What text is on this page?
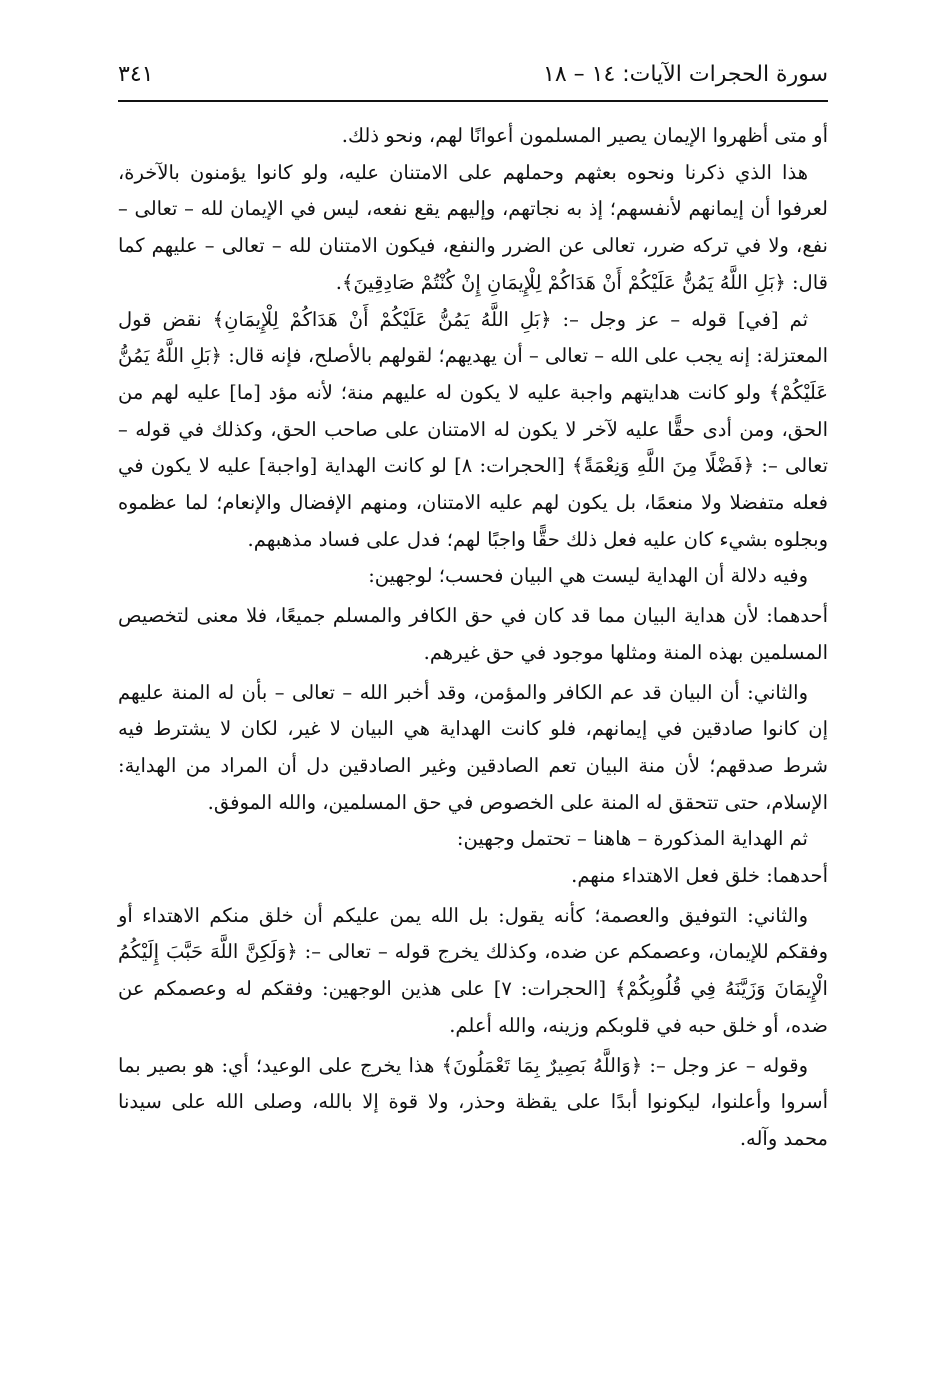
سورة الحجرات الآيات: ١٤ – ١٨
٣٤١

أو متى أظهروا الإيمان يصير المسلمون أعوانًا لهم، ونحو ذلك.

هذا الذي ذكرنا ونحوه بعثهم وحملهم على الامتنان عليه، ولو كانوا يؤمنون بالآخرة، لعرفوا أن إيمانهم لأنفسهم؛ إذ به نجاتهم، وإليهم يقع نفعه، ليس في الإيمان لله – تعالى – نفع، ولا في تركه ضرر، تعالى عن الضرر والنفع، فيكون الامتنان لله – تعالى – عليهم كما قال: ﴿بَلِ اللَّهُ يَمُنُّ عَلَيْكُمْ أَنْ هَدَاكُمْ لِلْإِيمَانِ إِنْ كُنْتُمْ صَادِقِينَ﴾.

ثم [في] قوله – عز وجل –: ﴿بَلِ اللَّهُ يَمُنُّ عَلَيْكُمْ أَنْ هَدَاكُمْ لِلْإِيمَانِ﴾ نقض قول المعتزلة: إنه يجب على الله – تعالى – أن يهديهم؛ لقولهم بالأصلح، فإنه قال: ﴿بَلِ اللَّهُ يَمُنُّ عَلَيْكُمْ﴾ ولو كانت هدايتهم واجبة عليه لا يكون له عليهم منة؛ لأنه مؤد [ما] عليه لهم من الحق، ومن أدى حقًّا عليه لآخر لا يكون له الامتنان على صاحب الحق، وكذلك في قوله – تعالى –: ﴿فَضْلًا مِنَ اللَّهِ وَنِعْمَةً﴾ [الحجرات: ٨] لو كانت الهداية [واجبة] عليه لا يكون في فعله متفضلا ولا منعمًا، بل يكون لهم عليه الامتنان، ومنهم الإفضال والإنعام؛ لما عظموه وبجلوه بشيء كان عليه فعل ذلك حقًّا واجبًا لهم؛ فدل على فساد مذهبهم.

وفيه دلالة أن الهداية ليست هي البيان فحسب؛ لوجهين:

أحدهما: لأن هداية البيان مما قد كان في حق الكافر والمسلم جميعًا، فلا معنى لتخصيص المسلمين بهذه المنة ومثلها موجود في حق غيرهم.

والثاني: أن البيان قد عم الكافر والمؤمن، وقد أخبر الله – تعالى – بأن له المنة عليهم إن كانوا صادقين في إيمانهم، فلو كانت الهداية هي البيان لا غير، لكان لا يشترط فيه شرط صدقهم؛ لأن منة البيان تعم الصادقين وغير الصادقين دل أن المراد من الهداية: الإسلام، حتى تتحقق له المنة على الخصوص في حق المسلمين، والله الموفق.

ثم الهداية المذكورة – هاهنا – تحتمل وجهين:

أحدهما: خلق فعل الاهتداء منهم.

والثاني: التوفيق والعصمة؛ كأنه يقول: بل الله يمن عليكم أن خلق منكم الاهتداء أو وفقكم للإيمان، وعصمكم عن ضده، وكذلك يخرج قوله – تعالى –: ﴿وَلَكِنَّ اللَّهَ حَبَّبَ إِلَيْكُمُ الْإِيمَانَ وَزَيَّنَهُ فِي قُلُوبِكُمْ﴾ [الحجرات: ٧] على هذين الوجهين: وفقكم له وعصمكم عن ضده، أو خلق حبه في قلوبكم وزينه، والله أعلم.

وقوله – عز وجل –: ﴿وَاللَّهُ بَصِيرٌ بِمَا تَعْمَلُونَ﴾ هذا يخرج على الوعيد؛ أي: هو بصير بما أسروا وأعلنوا، ليكونوا أبدًا على يقظة وحذر، ولا قوة إلا بالله، وصلى الله على سيدنا محمد وآله.
